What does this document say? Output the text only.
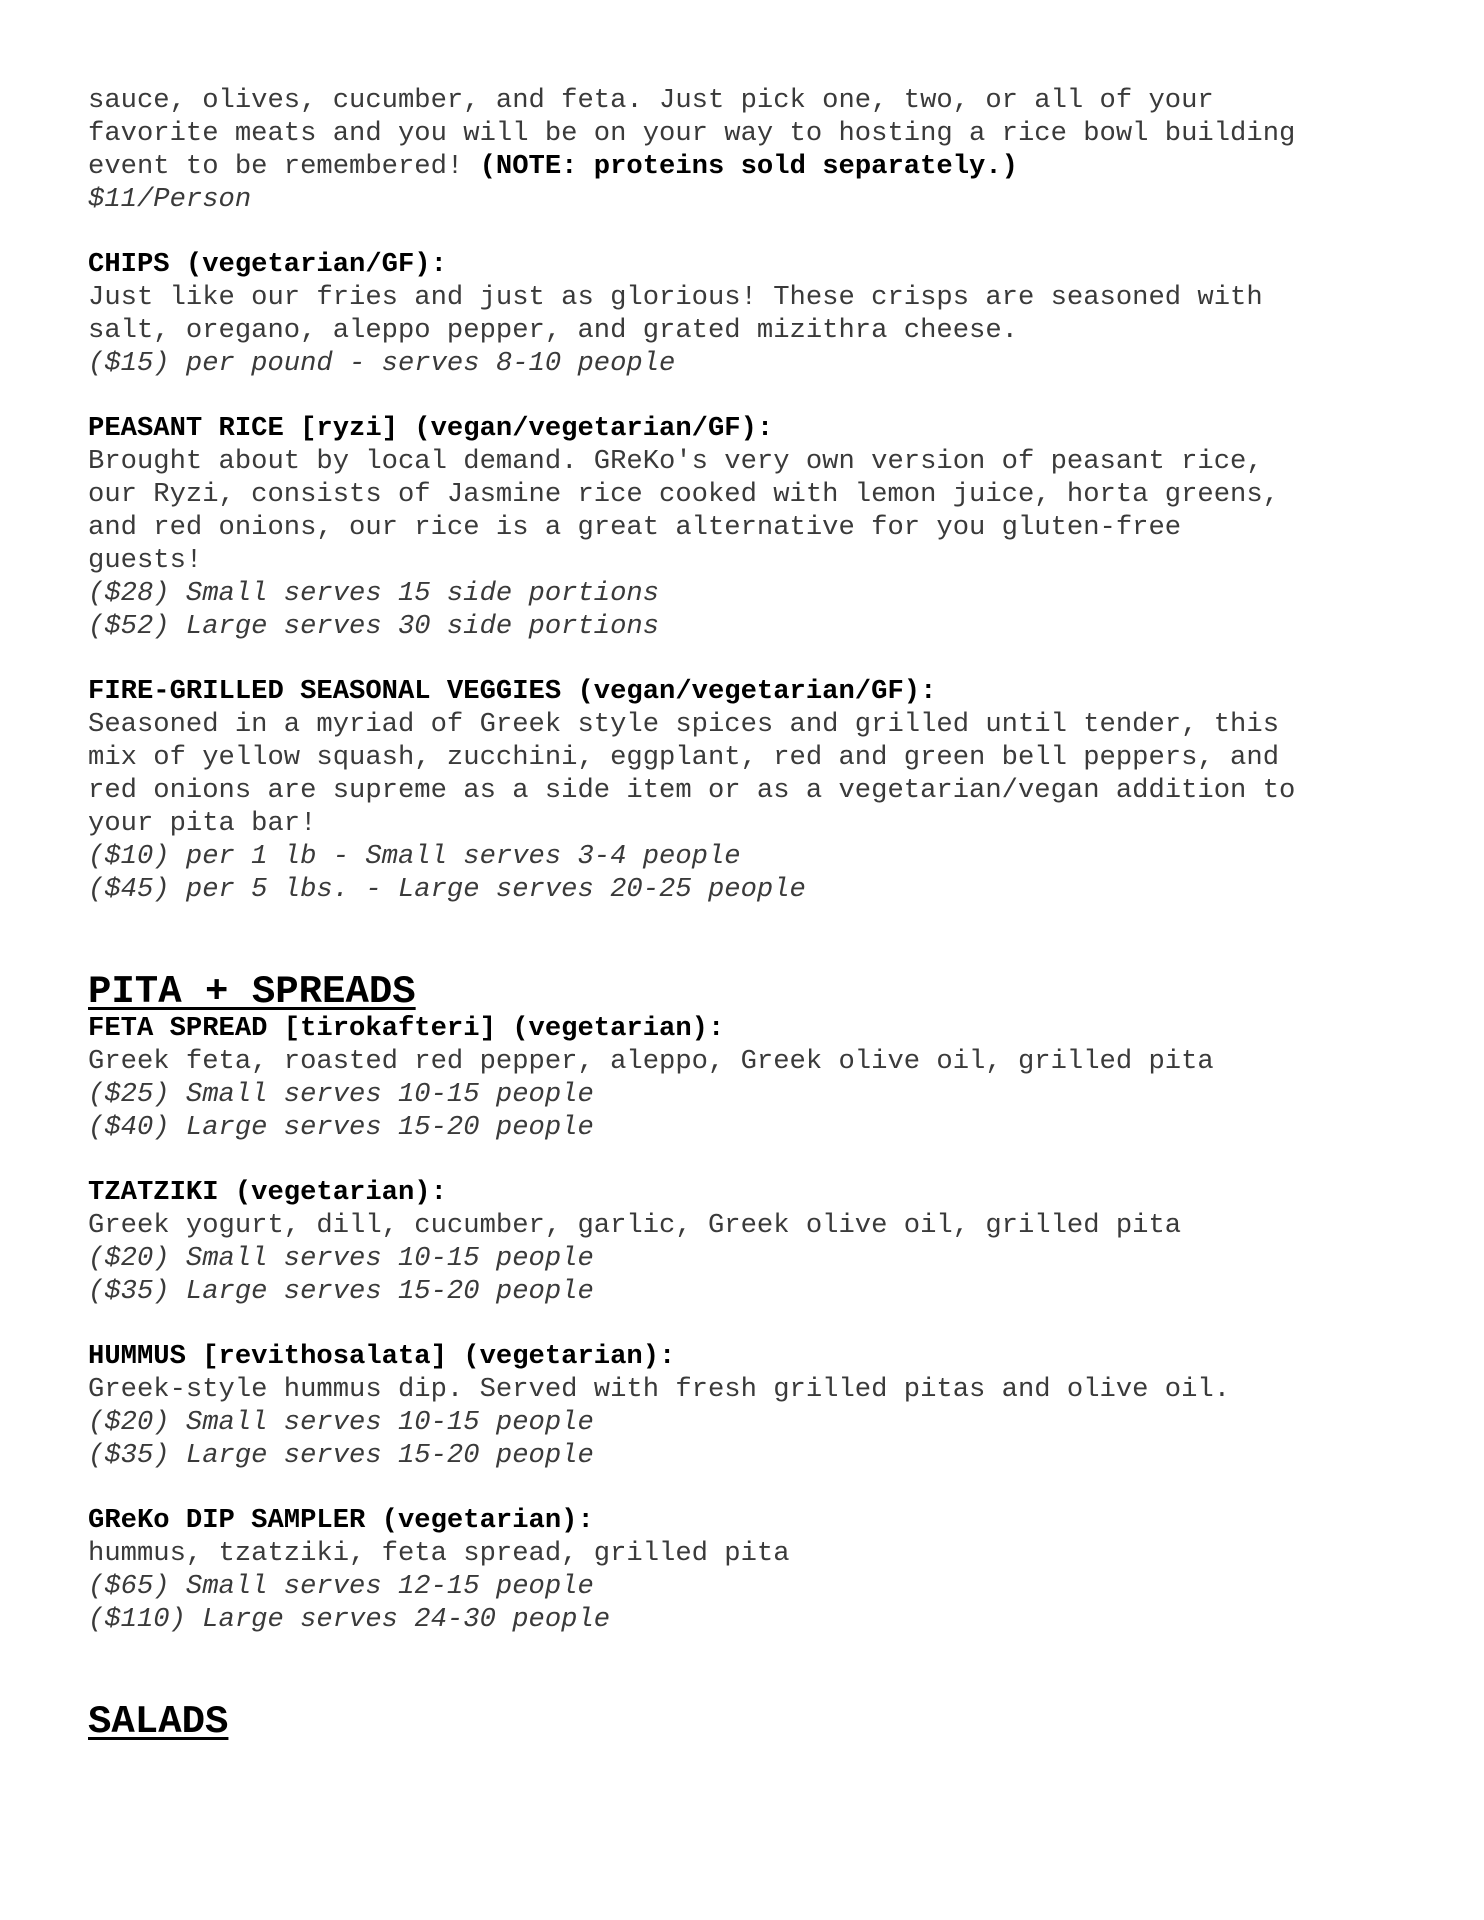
sauce, olives, cucumber, and feta. Just pick one, two, or all of your
favorite meats and you will be on your way to hosting a rice bowl building
event to be remembered! (NOTE: proteins sold separately.)
$11/Person
CHIPS (vegetarian/GF):
Just like our fries and just as glorious! These crisps are seasoned with
salt, oregano, aleppo pepper, and grated mizithra cheese.
($15) per pound - serves 8-10 people
PEASANT RICE [ryzi] (vegan/vegetarian/GF):
Brought about by local demand. GReKo's very own version of peasant rice,
our Ryzi, consists of Jasmine rice cooked with lemon juice, horta greens,
and red onions, our rice is a great alternative for you gluten-free
guests!
($28) Small serves 15 side portions
($52) Large serves 30 side portions
FIRE-GRILLED SEASONAL VEGGIES (vegan/vegetarian/GF):
Seasoned in a myriad of Greek style spices and grilled until tender, this
mix of yellow squash, zucchini, eggplant, red and green bell peppers, and
red onions are supreme as a side item or as a vegetarian/vegan addition to
your pita bar!
($10) per 1 lb - Small serves 3-4 people
($45) per 5 lbs. - Large serves 20-25 people
PITA + SPREADS
FETA SPREAD [tirokafteri] (vegetarian):
Greek feta, roasted red pepper, aleppo, Greek olive oil, grilled pita
($25) Small serves 10-15 people
($40) Large serves 15-20 people
TZATZIKI (vegetarian):
Greek yogurt, dill, cucumber, garlic, Greek olive oil, grilled pita
($20) Small serves 10-15 people
($35) Large serves 15-20 people
HUMMUS [revithosalata] (vegetarian):
Greek-style hummus dip. Served with fresh grilled pitas and olive oil.
($20) Small serves 10-15 people
($35) Large serves 15-20 people
GReKo DIP SAMPLER (vegetarian):
hummus, tzatziki, feta spread, grilled pita
($65) Small serves 12-15 people
($110) Large serves 24-30 people
SALADS
